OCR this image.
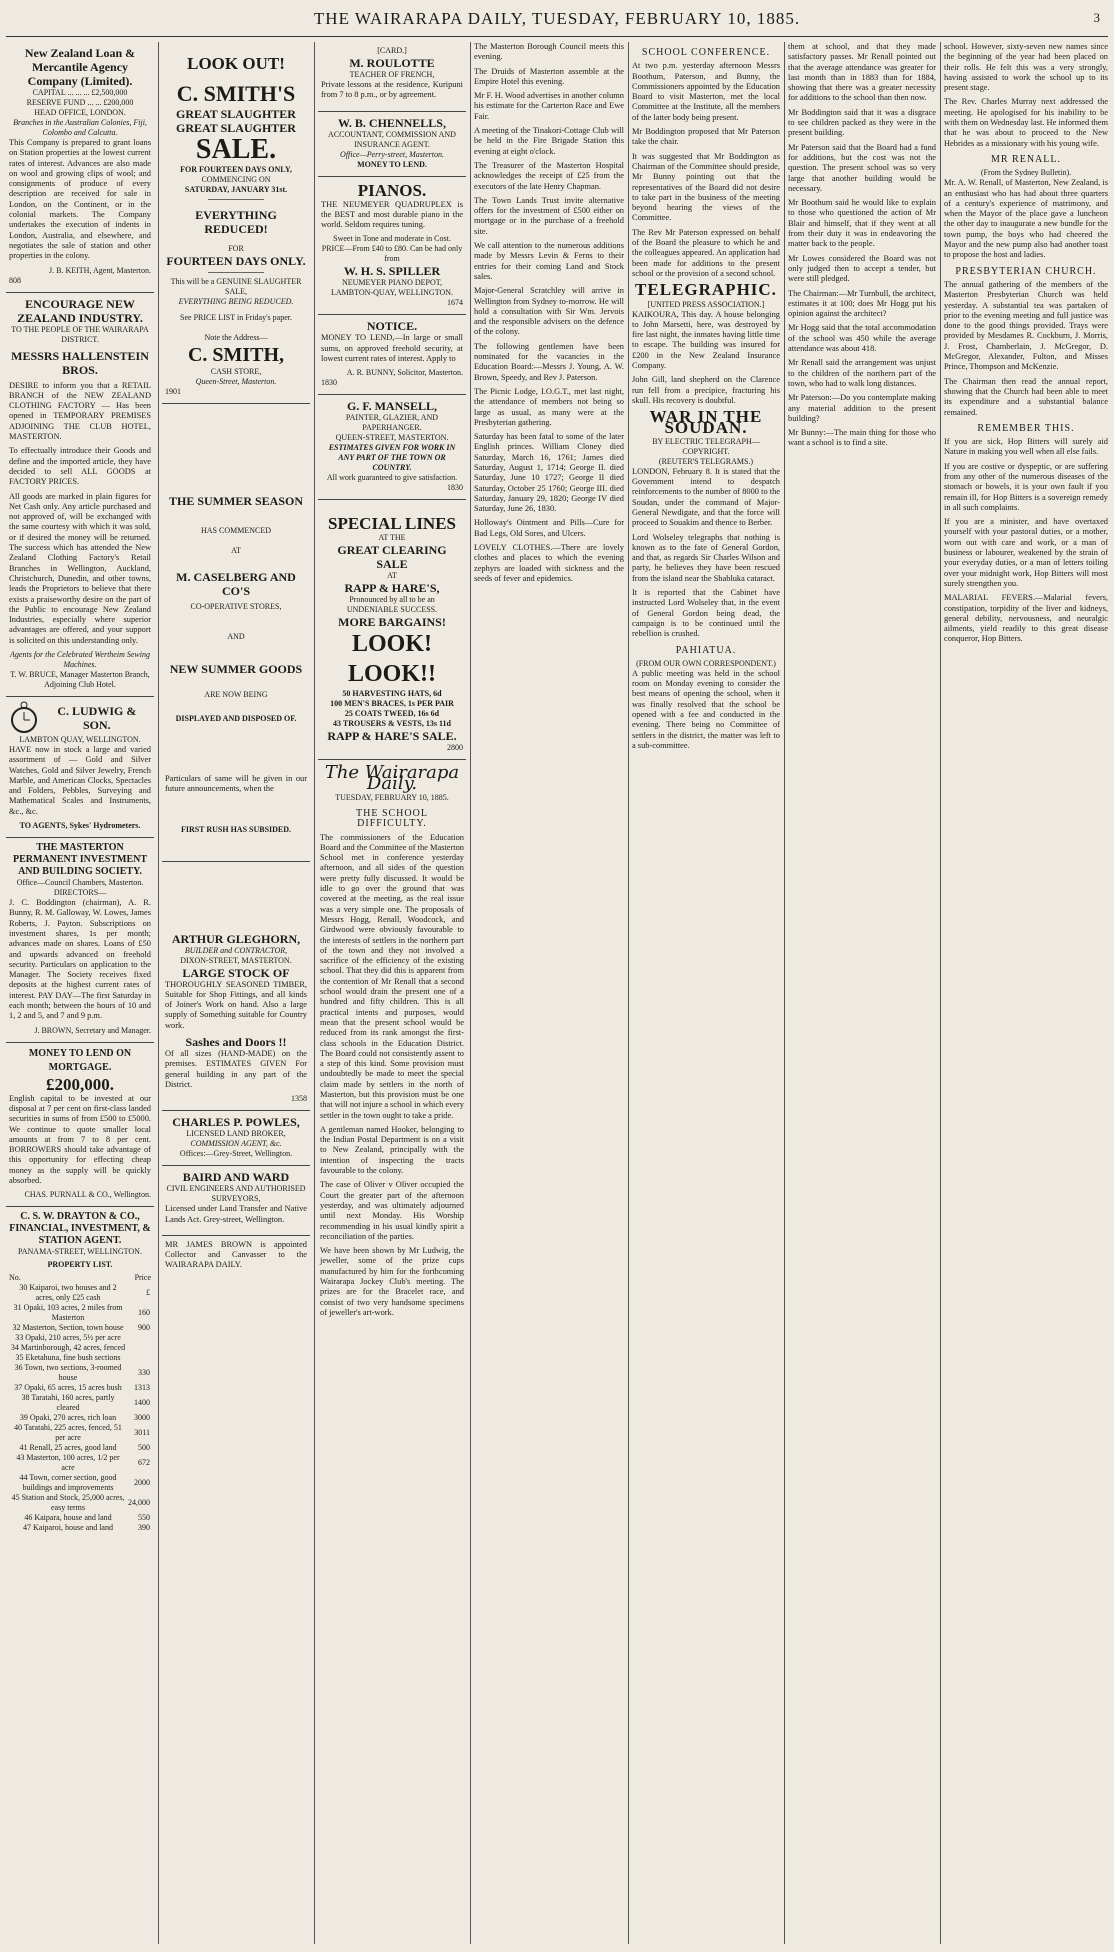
THE WAIRARAPA DAILY, TUESDAY, FEBRUARY 10, 1885.	3
New Zealand Loan & Mercantile Agency Company (Limited).
CAPITAL ... ... ... £2,500,000
RESERVE FUND ... ... £200,000
HEAD OFFICE, LONDON.
Branches in the Australian Colonies, Fiji, Colombo and Calcutta.

This Company is prepared to grant loans on Station properties at the lowest current rates of interest. Advances are also made on wool and growing clips of wool; and consignments of produce of every description are received for sale in London, on the Continent, or in the colonial markets. The Company undertakes the execution of indents in London, Australia, and elsewhere, and negotiates the sale of station and other properties in the colony.

J. B. KEITH, Agent, Masterton.
808
ENCOURAGE NEW ZEALAND INDUSTRY.
TO THE PEOPLE OF THE WAIRARAPA DISTRICT.
MESSRS HALLENSTEIN BROS.

DESIRE to inform you that a RETAIL BRANCH of the NEW ZEALAND CLOTHING FACTORY — Has been opened in TEMPORARY PREMISES ADJOINING THE CLUB HOTEL, MASTERTON.

To effectually introduce their Goods and define and the imported article, they have decided to sell ALL GOODS at FACTORY PRICES.

All goods are marked in plain figures for Net Cash only. Any article purchased and not approved of, will be exchanged with the same courtesy with which it was sold, or if desired the money will be returned. The success which has attended the New Zealand Clothing Factory's Retail Branches in Wellington, Auckland, Christchurch, Dunedin, and other towns, leads the Proprietors to believe that there exists a praiseworthy desire on the part of the Public to encourage New Zealand Industries, especially where superior advantages are offered, and your support is solicited on this understanding only.

Agents for the Celebrated Wertheim Sewing Machines.
T. W. BRUCE, Manager Masterton Branch, Adjoining Club Hotel.
C. LUDWIG & SON.
LAMBTON QUAY, WELLINGTON.

HAVE now in stock a large and varied assortment of — Gold and Silver Watches, Gold and Silver Jewelry, French Marble, and American Clocks, Spectacles and Folders, Pebbles, Surveying and Mathematical Scales and Instruments, &c., &c.

TO AGENTS, Sykes' Hydrometers.
THE MASTERTON PERMANENT INVESTMENT AND BUILDING SOCIETY.
Office—Council Chambers, Masterton. DIRECTORS—

J. C. Boddington (chairman), A. R. Bunny, R. M. Galloway, W. Lowes, James Roberts, J. Payton. Subscriptions on investment shares, 1s per month; advances made on shares. Loans of £50 and upwards advanced on freehold security. Particulars on application to the Manager. The Society receives fixed deposits at the highest current rates of interest. PAY DAY—The first Saturday in each month; between the hours of 10 and 1, 2 and 5, and 7 and 9 p.m.

J. BROWN, Secretary and Manager.
MONEY TO LEND ON MORTGAGE.
£200,000.

English capital to be invested at our disposal at 7 per cent on first-class landed securities in sums of from £500 to £5000. We continue to quote smaller local amounts at from 7 to 8 per cent. BORROWERS should take advantage of this opportunity for effecting cheap money as the supply will be quickly absorbed.

CHAS. PURNALL & CO., Wellington.
C. S. W. DRAYTON & CO., FINANCIAL, INVESTMENT, & STATION AGENT.
PANAMA-STREET, WELLINGTON.
PROPERTY LIST.
No.	Price
30 Kaiparoi, two houses and 2 acres, only £25 cash	£
31 Opaki, 103 acres, 2 miles from Masterton	160
32 Masterton, Section, town house	900
33 Opaki, 210 acres, 5½ per acre	
34 Martinborough, 42 acres, fenced	
35 Eketahuna, fine bush sections	
36 Town, two sections, 3-roomed house	330
37 Opaki, 65 acres, 15 acres bush	1313
38 Taratahi, 160 acres, partly cleared	1400
39 Opaki, 270 acres, rich loan	3000
40 Taratahi, 225 acres, fenced, 51 per acre	3011
41 Renall, 25 acres, good land	500
43 Masterton, 100 acres, 1/2 per acre	672
44 Town, corner section, good buildings and improvements	2000
45 Station and Stock, 25,000 acres, easy terms	24,000
46 Kaipara, house and land	550
47 Kaiparoi, house and land	390
LOOK OUT!
C. SMITH'S
GREAT SLAUGHTER
GREAT SLAUGHTER
SALE.
FOR FOURTEEN DAYS ONLY,
COMMENCING ON
SATURDAY, JANUARY 31st.
EVERYTHING REDUCED!
FOR
FOURTEEN DAYS ONLY.
This will be a GENUINE SLAUGHTER SALE,
EVERYTHING BEING REDUCED.
See PRICE LIST in Friday's paper.
Note the Address—
C. SMITH,
CASH STORE,
Queen-Street, Masterton.
1901
THE SUMMER SEASON
HAS COMMENCED
AT
M. CASELBERG AND CO'S
CO-OPERATIVE STORES,
AND
NEW SUMMER GOODS
ARE NOW BEING
DISPLAYED AND DISPOSED OF.

Particulars of same will be given in our future announcements, when the

FIRST RUSH HAS SUBSIDED.
ARTHUR GLEGHORN,
BUILDER and CONTRACTOR,
DIXON-STREET, MASTERTON.
LARGE STOCK OF

THOROUGHLY SEASONED TIMBER, Suitable for Shop Fittings, and all kinds of Joiner's Work on hand. Also a large supply of Something suitable for Country work.

Sashes and Doors !!

Of all sizes (HAND-MADE) on the premises. ESTIMATES GIVEN For general building in any part of the District.

1358
CHARLES P. POWLES,
LICENSED LAND BROKER,
COMMISSION AGENT, &c.
Offices:—Grey-Street, Wellington.
BAIRD AND WARD
CIVIL ENGINEERS AND AUTHORISED SURVEYORS,

Licensed under Land Transfer and Native Lands Act. Grey-street, Wellington.

MR JAMES BROWN is appointed Collector and Canvasser to the WAIRARAPA DAILY.

[CARD.]
M. ROULOTTE
TEACHER OF FRENCH,

Private lessons at the residence, Kuripuni from 7 to 8 p.m., or by agreement.

W. B. CHENNELLS,
ACCOUNTANT, COMMISSION AND INSURANCE AGENT.
Office—Perry-street, Masterton.
MONEY TO LEND.
PIANOS.

THE NEUMEYER QUADRUPLEX is the BEST and most durable piano in the world. Seldom requires tuning.

Sweet in Tone and moderate in Cost.
PRICE—From £40 to £80. Can be had only from
W. H. S. SPILLER
NEUMEYER PIANO DEPOT,
LAMBTON-QUAY, WELLINGTON.
1674
NOTICE.

MONEY TO LEND,—In large or small sums, on approved freehold security, at lowest current rates of interest. Apply to

A. R. BUNNY, Solicitor, Masterton.
1830
G. F. MANSELL,
PAINTER, GLAZIER, AND PAPERHANGER.
QUEEN-STREET, MASTERTON.
ESTIMATES GIVEN FOR WORK IN ANY PART OF THE TOWN OR COUNTRY.
All work guaranteed to give satisfaction.
1830
SPECIAL LINES
AT THE
GREAT CLEARING SALE
AT
RAPP & HARE'S,
Pronounced by all to be an
UNDENIABLE SUCCESS.
MORE BARGAINS!
LOOK! LOOK!!
50 HARVESTING HATS, 6d
100 MEN'S BRACES, 1s PER PAIR
25 COATS TWEED, 16s 6d
43 TROUSERS & VESTS, 13s 11d
RAPP & HARE'S SALE.
2800
The Wairarapa Daily.
TUESDAY, FEBRUARY 10, 1885.
THE SCHOOL DIFFICULTY.

The commissioners of the Education Board and the Committee of the Masterton School met in conference yesterday afternoon, and all sides of the question were pretty fully discussed. It would be idle to go over the ground that was covered at the meeting, as the real issue was a very simple one. The proposals of Messrs Hogg, Renall, Woodcock, and Girdwood were obviously favourable to the interests of settlers in the northern part of the town and they not involved a sacrifice of the efficiency of the existing school. That they did this is apparent from the contention of Mr Renall that a second school would drain the present one of a hundred and fifty children. This is all practical intents and purposes, would mean that the present school would be reduced from its rank amongst the first-class schools in the Education District. The Board could not consistently assent to a step of this kind. Some provision must undoubtedly be made to meet the special claim made by settlers in the north of Masterton, but this provision must be one that will not injure a school in which every settler in the town ought to take a pride.

A gentleman named Hooker, belonging to the Indian Postal Department is on a visit to New Zealand, principally with the intention of inspecting the tracts favourable to the colony.

The case of Oliver v Oliver occupied the Court the greater part of the afternoon yesterday, and was ultimately adjourned until next Monday. His Worship recommending in his usual kindly spirit a reconciliation of the parties.

We have been shown by Mr Ludwig, the jeweller, some of the prize cups manufactured by him for the forthcoming Wairarapa Jockey Club's meeting. The prizes are for the Bracelet race, and consist of two very handsome specimens of jeweller's art-work.

The Masterton Borough Council meets this evening.

The Druids of Masterton assemble at the Empire Hotel this evening.

Mr F. H. Wood advertises in another column his estimate for the Carterton Race and Ewe Fair.

A meeting of the Tinakori-Cottage Club will be held in the Fire Brigade Station this evening at eight o'clock.

The Treasurer of the Masterton Hospital acknowledges the receipt of £25 from the executors of the late Henry Chapman.

The Town Lands Trust invite alternative offers for the investment of £500 either on mortgage or in the purchase of a freehold site.

We call attention to the numerous additions made by Messrs Levin & Ferns to their entries for their coming Land and Stock sales.

Major-General Scratchley will arrive in Wellington from Sydney to-morrow. He will hold a consultation with Sir Wm. Jervois and the responsible advisers on the defence of the colony.

The following gentlemen have been nominated for the vacancies in the Education Board:—Messrs J. Young, A. W. Brown, Speedy, and Rev J. Paterson.

The Picnic Lodge, I.O.G.T., met last night, the attendance of members not being so large as usual, as many were at the Presbyterian gathering.

Saturday has been fatal to some of the later English princes. William Cloney died Saturday, March 16, 1761; James died Saturday, August 1, 1714; George II. died Saturday, June 10 1727; George II died Saturday, October 25 1760; George III. died Saturday, January 29, 1820; George IV died Saturday, June 26, 1830.

Holloway's Ointment and Pills—Cure for Bad Legs, Old Sores, and Ulcers.

LOVELY CLOTHES.—There are lovely clothes and places to which the evening zephyrs are loaded with sickness and the seeds of fever and epidemics.

SCHOOL CONFERENCE.

At two p.m. yesterday afternoon Messrs Boothum, Paterson, and Bunny, the Commissioners appointed by the Education Board to visit Masterton, met the local Committee at the Institute, all the members of the latter body being present.

Mr Boddington proposed that Mr Paterson take the chair.

It was suggested that Mr Boddington as Chairman of the Committee should preside, Mr Bunny pointing out that the representatives of the Board did not desire to take part in the business of the meeting beyond hearing the views of the Committee.

The Rev Mr Paterson expressed on behalf of the Board the pleasure to which he and the colleagues appeared. An application had been made for additions to the present school or the provision of a second school.

TELEGRAPHIC.
[UNITED PRESS ASSOCIATION.]

KAIKOURA, This day. A house belonging to John Marsetti, here, was destroyed by fire last night, the inmates having little time to escape. The building was insured for £200 in the New Zealand Insurance Company.

John Gill, land shepherd on the Clarence run fell from a precipice, fracturing his skull. His recovery is doubtful.

WAR IN THE SOUDAN.
BY ELECTRIC TELEGRAPH—COPYRIGHT.
(REUTER'S TELEGRAMS.)

LONDON, February 8. It is stated that the Government intend to despatch reinforcements to the number of 8000 to the Soudan, under the command of Major-General Newdigate, and that the force will proceed to Souakim and thence to Berber.

Lord Wolseley telegraphs that nothing is known as to the fate of General Gordon, and that, as regards Sir Charles Wilson and party, he believes they have been rescued from the island near the Shabluka cataract.

It is reported that the Cabinet have instructed Lord Wolseley that, in the event of General Gordon being dead, the campaign is to be continued until the rebellion is crushed.

PAHIATUA.
(FROM OUR OWN CORRESPONDENT.)

A public meeting was held in the school room on Monday evening to consider the best means of opening the school, when it was finally resolved that the school be opened with a fee and conducted in the evening. There being no Committee of settlers in the district, the matter was left to a sub-committee.

them at school, and that they made satisfactory passes. Mr Renall pointed out that the average attendance was greater for last month than in 1883 than for 1884, showing that there was a greater necessity for additions to the school than then now.

Mr Boddington said that it was a disgrace to see children packed as they were in the present building.

Mr Paterson said that the Board had a fund for additions, but the cost was not the question. The present school was so very large that another building would be necessary.

Mr Boothum said he would like to explain to those who questioned the action of Mr Blair and himself, that if they went at all from their duty it was in endeavoring the matter back to the people.

Mr Lowes considered the Board was not only judged then to accept a tender, but were still pledged.

The Chairman:—Mr Turnbull, the architect, estimates it at 100; does Mr Hogg put his opinion against the architect?

Mr Hogg said that the total accommodation of the school was 450 while the average attendance was about 418.

Mr Renall said the arrangement was unjust to the children of the northern part of the town, who had to walk long distances.

Mr Paterson:—Do you contemplate making any material addition to the present building?

Mr Bunny:—The main thing for those who want a school is to find a site.

school. However, sixty-seven new names since the beginning of the year had been placed on their rolls. He felt this was a very strongly, having assisted to work the school up to its present stage.

The Rev. Charles Murray next addressed the meeting. He apologised for his inability to be with them on Wednesday last. He informed them that he was about to proceed to the New Hebrides as a missionary with his young wife.

MR RENALL.
(From the Sydney Bulletin).

Mr. A. W. Renall, of Masterton, New Zealand, is an enthusiast who has had about three quarters of a century's experience of matrimony, and when the Mayor of the place gave a luncheon the other day to inaugurate a new bundle for the town pump, the boys who had cheered the Mayor and the new pump also had another toast to propose the host and ladies.

PRESBYTERIAN CHURCH.

The annual gathering of the members of the Masterton Presbyterian Church was held yesterday. A substantial tea was partaken of prior to the evening meeting and full justice was done to the good things provided. Trays were provided by Mesdames R. Cockburn, J. Morris, J. Frost, Chamberlain, J. McGregor, D. McGregor, Alexander, Fulton, and Misses Prince, Thompson and McKenzie.

The Chairman then read the annual report, showing that the Church had been able to meet its expenditure and a substantial balance remained.

REMEMBER THIS.

If you are sick, Hop Bitters will surely aid Nature in making you well when all else fails.

If you are costive or dyspeptic, or are suffering from any other of the numerous diseases of the stomach or bowels, it is your own fault if you remain ill, for Hop Bitters is a sovereign remedy in all such complaints.

If you are a minister, and have overtaxed yourself with your pastoral duties, or a mother, worn out with care and work, or a man of business or labourer, weakened by the strain of your everyday duties, or a man of letters toiling over your midnight work, Hop Bitters will most surely strengthen you.

MALARIAL FEVERS.—Malarial fevers, constipation, torpidity of the liver and kidneys, general debility, nervousness, and neuralgic ailments, yield readily to this great disease conqueror, Hop Bitters.
